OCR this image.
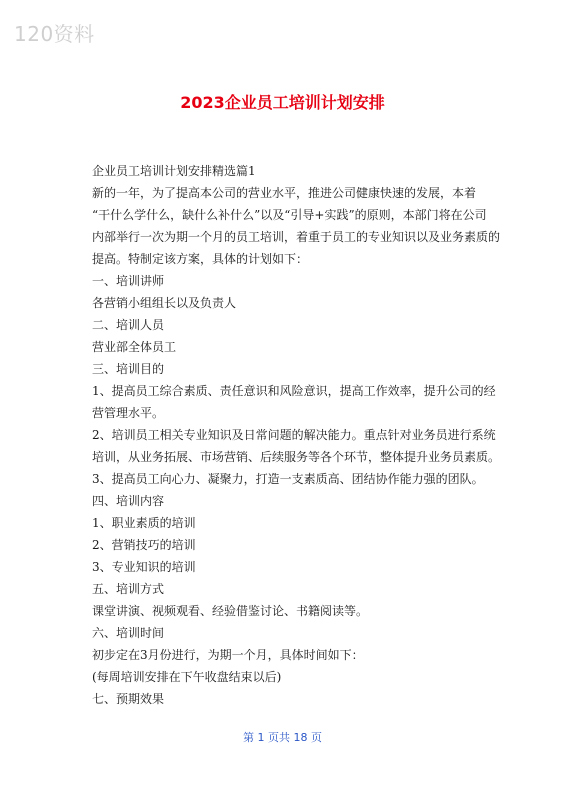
120资料
2023企业员工培训计划安排

企业员工培训计划安排精选篇1

新的一年，为了提高本公司的营业水平，推进公司健康快速的发展，本着

“干什么学什么，缺什么补什么”以及“引导+实践”的原则，本部门将在公司

内部举行一次为期一个月的员工培训，着重于员工的专业知识以及业务素质的

提高。特制定该方案，具体的计划如下：

一、培训讲师

各营销小组组长以及负责人

二、培训人员

营业部全体员工

三、培训目的

1、提高员工综合素质、责任意识和风险意识，提高工作效率，提升公司的经

营管理水平。

2、培训员工相关专业知识及日常问题的解决能力。重点针对业务员进行系统

培训，从业务拓展、市场营销、后续服务等各个环节，整体提升业务员素质。

3、提高员工向心力、凝聚力，打造一支素质高、团结协作能力强的团队。

四、培训内容

1、职业素质的培训

2、营销技巧的培训

3、专业知识的培训

五、培训方式

课堂讲演、视频观看、经验借鉴讨论、书籍阅读等。

六、培训时间

初步定在3月份进行，为期一个月，具体时间如下：

(每周培训安排在下午收盘结束以后)

七、预期效果

第 1 页共 18 页
